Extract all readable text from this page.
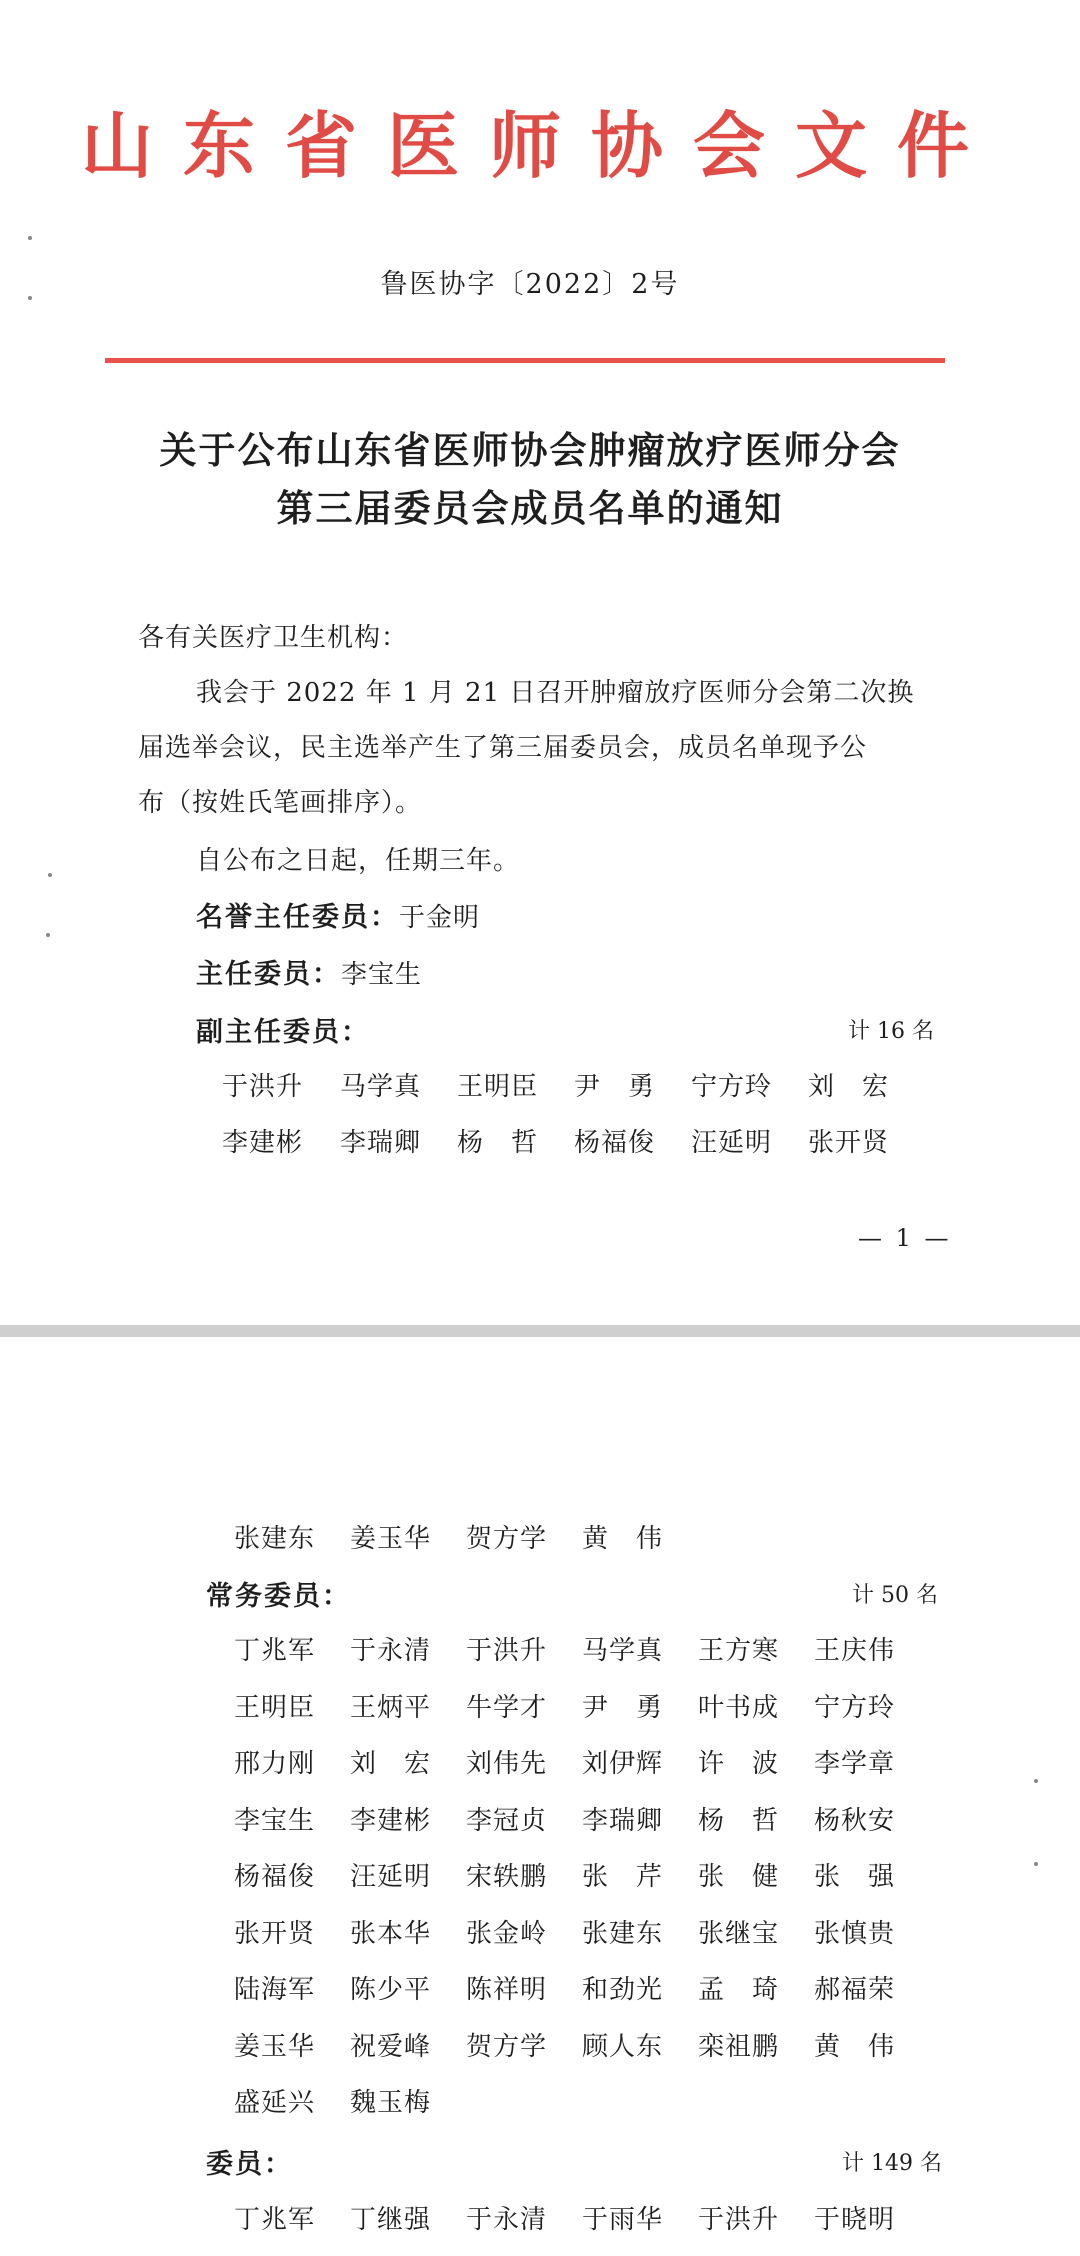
山东省医师协会文件
鲁医协字〔2022〕2号
关于公布山东省医师协会肿瘤放疗医师分会
第三届委员会成员名单的通知
各有关医疗卫生机构：
我会于 2022 年 1 月 21 日召开肿瘤放疗医师分会第二次换
届选举会议，民主选举产生了第三届委员会，成员名单现予公
布（按姓氏笔画排序）。
自公布之日起，任期三年。
名誉主任委员：于金明
主任委员：李宝生
副主任委员：	计 16 名
于洪升 马学真 王明臣 尹　勇 宁方玲 刘　宏
李建彬 李瑞卿 杨　哲 杨福俊 汪延明 张开贤
— 1 —
张建东 姜玉华 贺方学 黄　伟
常务委员：	计 50 名
丁兆军 于永清 于洪升 马学真 王方寒 王庆伟
王明臣 王炳平 牛学才 尹　勇 叶书成 宁方玲
邢力刚 刘　宏 刘伟先 刘伊辉 许　波 李学章
李宝生 李建彬 李冠贞 李瑞卿 杨　哲 杨秋安
杨福俊 汪延明 宋轶鹏 张　芹 张　健 张　强
张开贤 张本华 张金岭 张建东 张继宝 张慎贵
陆海军 陈少平 陈祥明 和劲光 孟　琦 郝福荣
姜玉华 祝爱峰 贺方学 顾人东 栾祖鹏 黄　伟
盛延兴 魏玉梅
委员：	计 149 名
丁兆军 丁继强 于永清 于雨华 于洪升 于晓明
